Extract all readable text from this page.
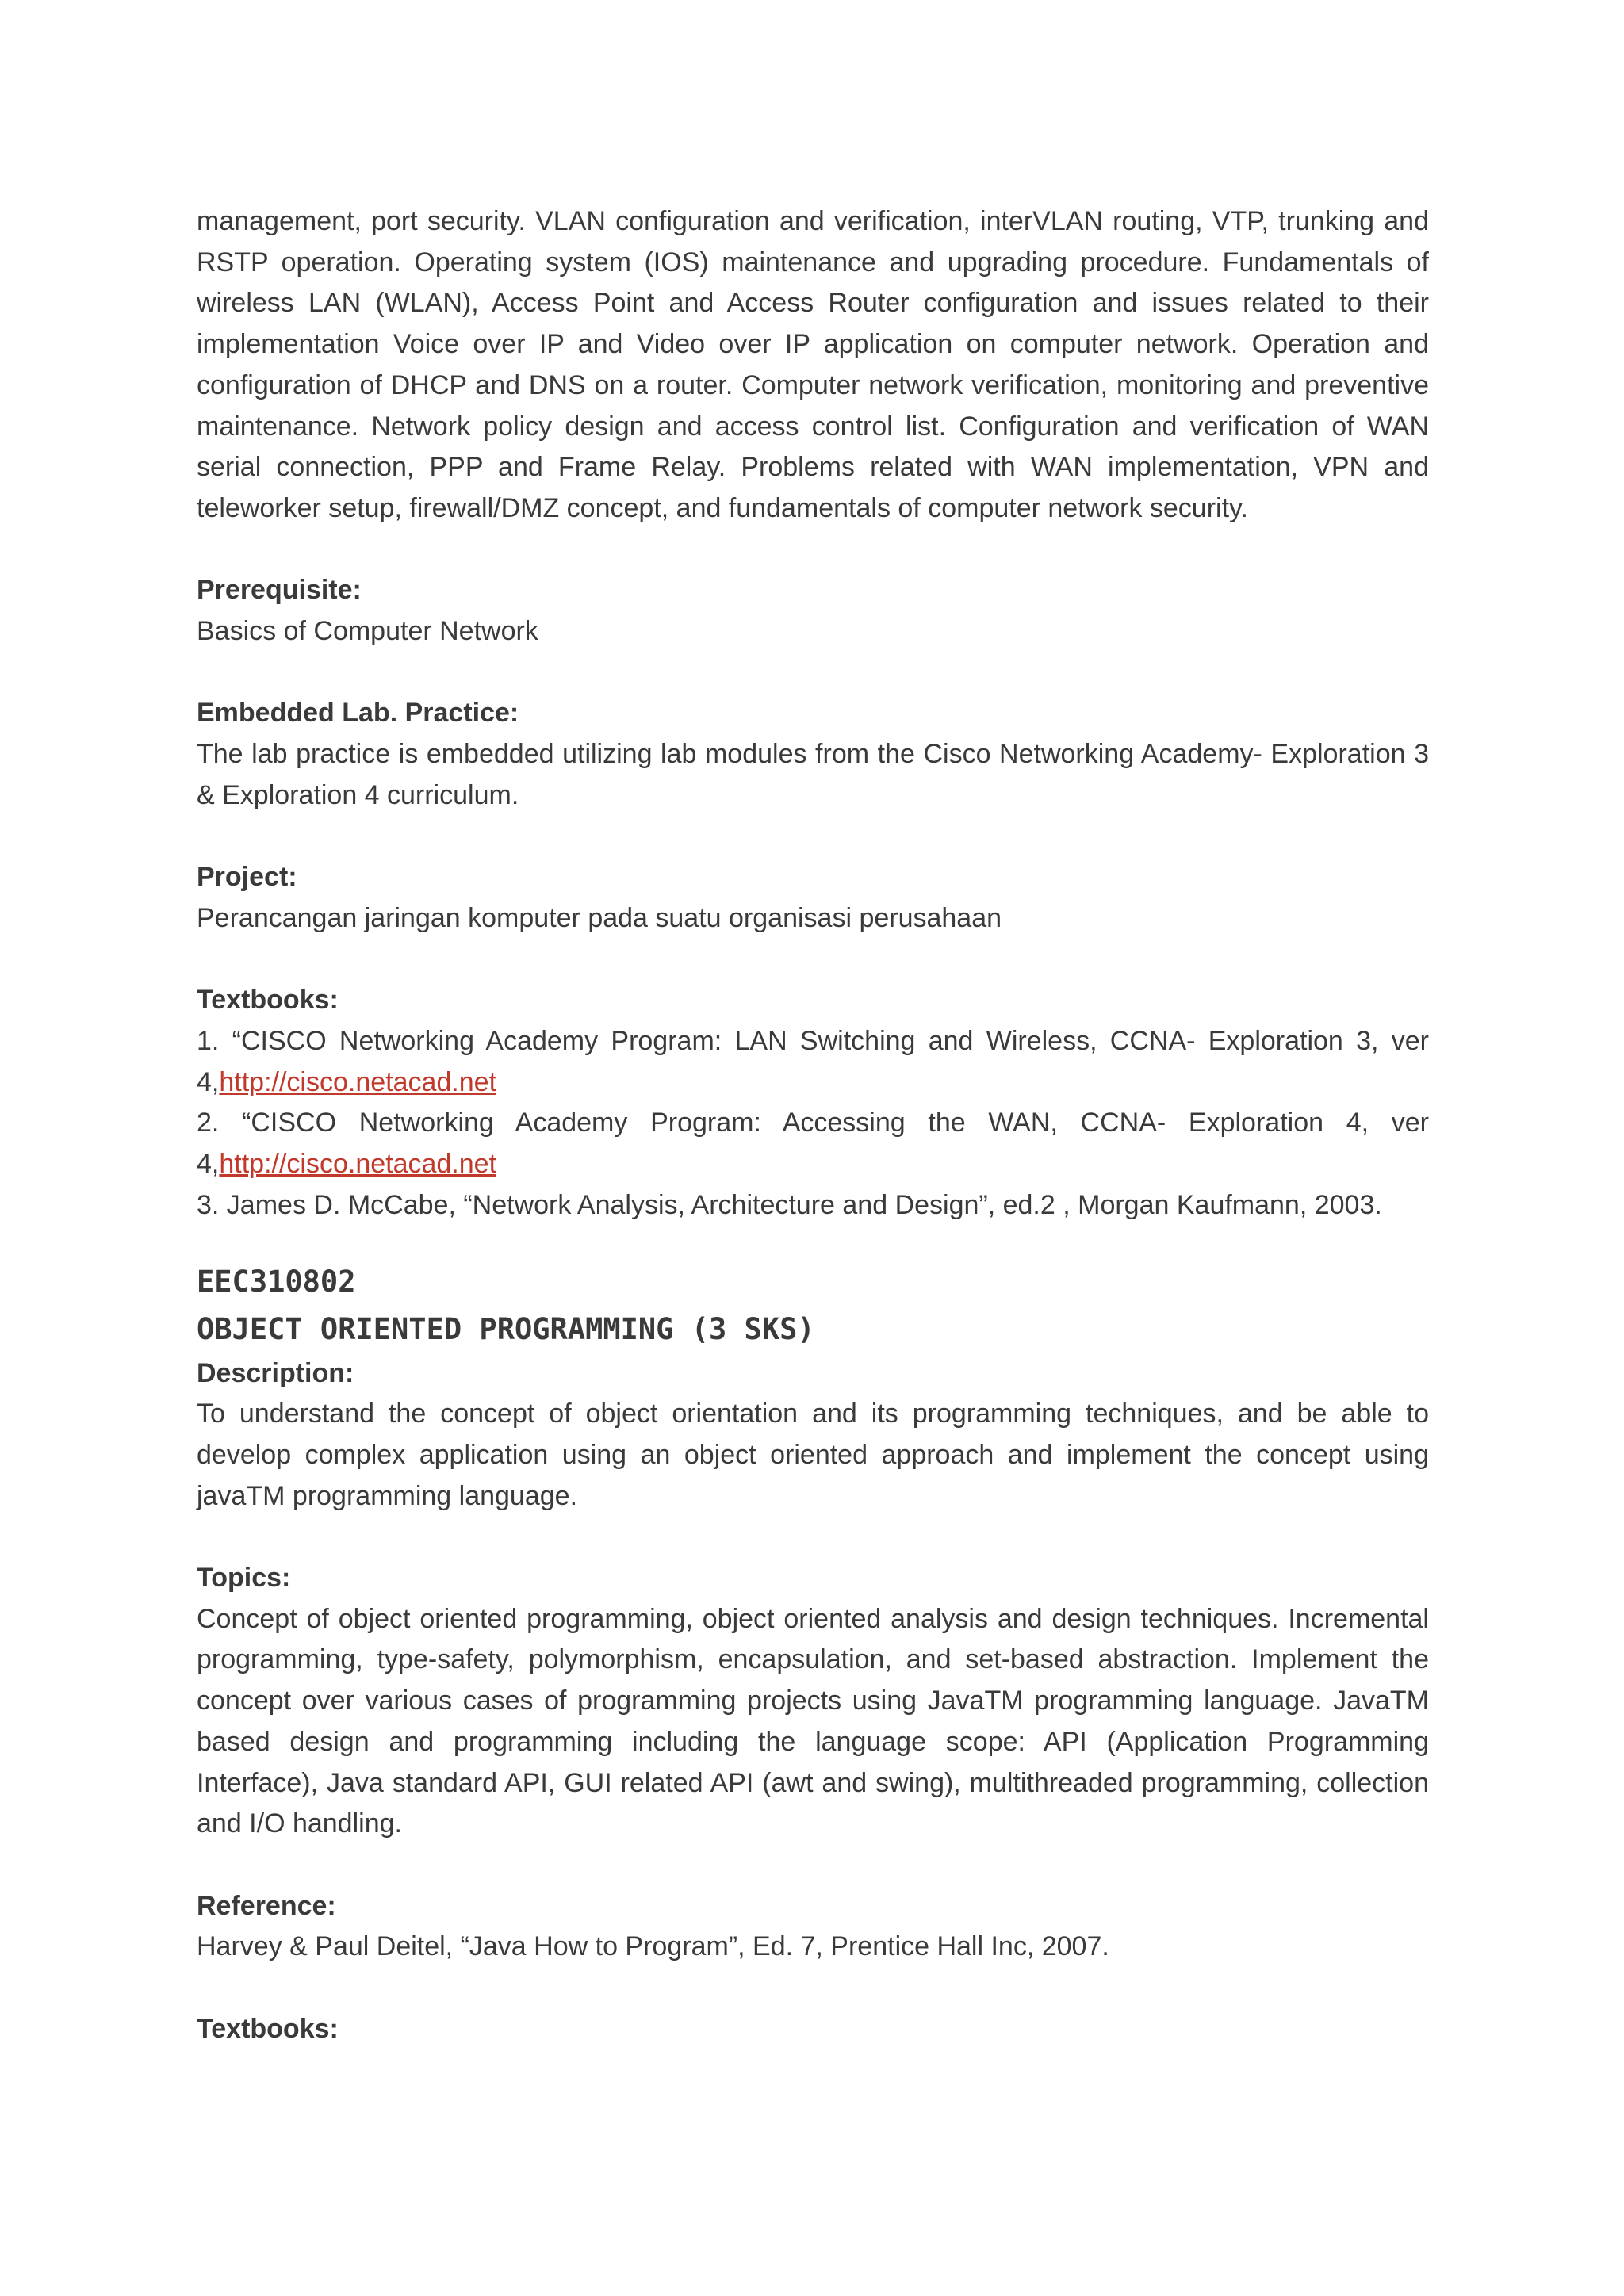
management, port security. VLAN configuration and verification, interVLAN routing, VTP, trunking and RSTP operation. Operating system (IOS) maintenance and upgrading procedure. Fundamentals of wireless LAN (WLAN), Access Point and Access Router configuration and issues related to their implementation Voice over IP and Video over IP application on computer network. Operation and configuration of DHCP and DNS on a router. Computer network verification, monitoring and preventive maintenance. Network policy design and access control list. Configuration and verification of WAN serial connection, PPP and Frame Relay. Problems related with WAN implementation, VPN and teleworker setup, firewall/DMZ concept, and fundamentals of computer network security.

Prerequisite:

Basics of Computer Network

Embedded Lab. Practice:

The lab practice is embedded utilizing lab modules from the Cisco Networking Academy- Exploration 3 & Exploration 4 curriculum.

Project:

Perancangan jaringan komputer pada suatu organisasi perusahaan

Textbooks:

1. “CISCO Networking Academy Program: LAN Switching and Wireless, CCNA- Exploration 3, ver 4,http://cisco.netacad.net

2. “CISCO Networking Academy Program: Accessing the WAN, CCNA- Exploration 4, ver 4,http://cisco.netacad.net

3. James D. McCabe, “Network Analysis, Architecture and Design”, ed.2 , Morgan Kaufmann, 2003.

EEC310802

OBJECT ORIENTED PROGRAMMING (3 SKS)

Description:

To understand the concept of object orientation and its programming techniques, and be able to develop complex application using an object oriented approach and implement the concept using javaTM programming language.

Topics:

Concept of object oriented programming, object oriented analysis and design techniques. Incremental programming, type-safety, polymorphism, encapsulation, and set-based abstraction. Implement the concept over various cases of programming projects using JavaTM programming language. JavaTM based design and programming including the language scope: API (Application Programming Interface), Java standard API, GUI related API (awt and swing), multithreaded programming, collection and I/O handling.

Reference:

Harvey & Paul Deitel, “Java How to Program”, Ed. 7, Prentice Hall Inc, 2007.

Textbooks:
